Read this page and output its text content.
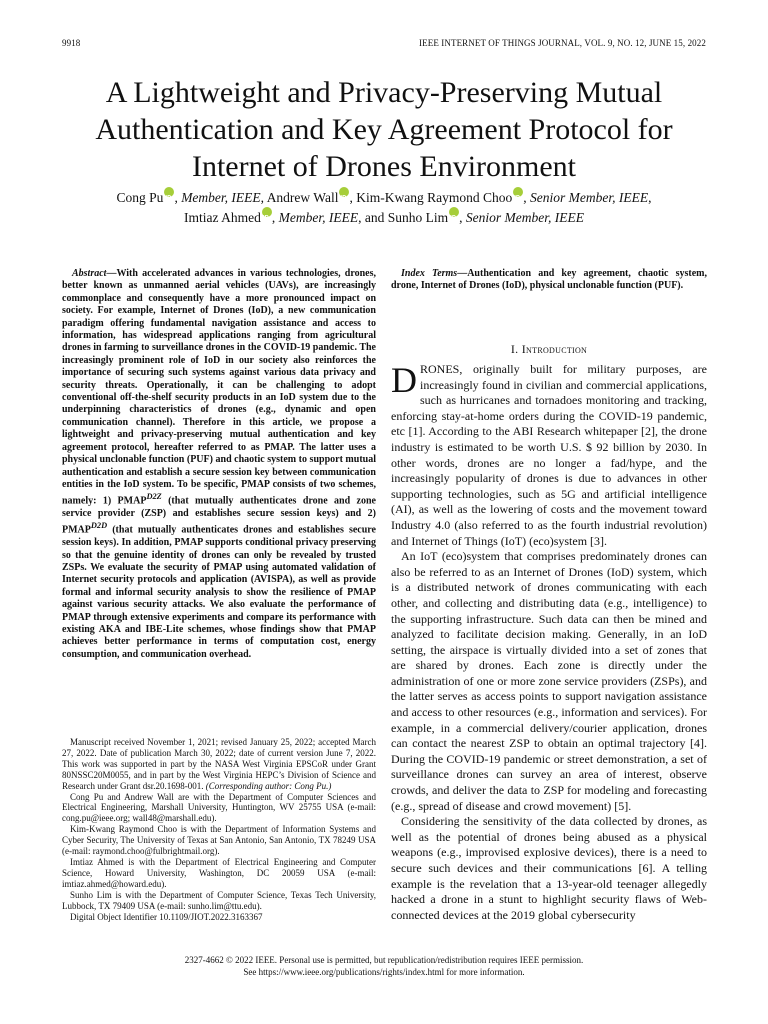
9918	IEEE INTERNET OF THINGS JOURNAL, VOL. 9, NO. 12, JUNE 15, 2022
A Lightweight and Privacy-Preserving Mutual Authentication and Key Agreement Protocol for Internet of Drones Environment
Cong Pu iD , Member, IEEE, Andrew Wall iD , Kim-Kwang Raymond Choo iD , Senior Member, IEEE,
Imtiaz Ahmed iD , Member, IEEE, and Sunho Lim iD , Senior Member, IEEE

Abstract—With accelerated advances in various technologies, drones, better known as unmanned aerial vehicles (UAVs), are increasingly commonplace and consequently have a more pronounced impact on society. For example, Internet of Drones (IoD), a new communication paradigm offering fundamental navigation assistance and access to information, has widespread applications ranging from agricultural drones in farming to surveillance drones in the COVID-19 pandemic. The increasingly prominent role of IoD in our society also reinforces the importance of securing such systems against various data privacy and security threats. Operationally, it can be challenging to adopt conventional off-the-shelf security products in an IoD system due to the underpinning characteristics of drones (e.g., dynamic and open communication channel). Therefore in this article, we propose a lightweight and privacy-preserving mutual authentication and key agreement protocol, hereafter referred to as PMAP. The latter uses a physical unclonable function (PUF) and chaotic system to support mutual authentication and establish a secure session key between communication entities in the IoD system. To be specific, PMAP consists of two schemes, namely: 1) $PMAP^{D2Z}$ (that mutually authenticates drone and zone service provider (ZSP) and establishes secure session keys) and 2) $PMAP^{D2D}$ (that mutually authenticates drones and establishes secure session keys). In addition, PMAP supports conditional privacy preserving so that the genuine identity of drones can only be revealed by trusted ZSPs. We evaluate the security of PMAP using automated validation of Internet security protocols and application (AVISPA), as well as provide formal and informal security analysis to show the resilience of PMAP against various security attacks. We also evaluate the performance of PMAP through extensive experiments and compare its performance with existing AKA and IBE-Lite schemes, whose findings show that PMAP achieves better performance in terms of computation cost, energy consumption, and communication overhead.

Manuscript received November 1, 2021; revised January 25, 2022; accepted March 27, 2022. Date of publication March 30, 2022; date of current version June 7, 2022. This work was supported in part by the NASA West Virginia EPSCoR under Grant 80NSSC20M0055, and in part by the West Virginia HEPC’s Division of Science and Research under Grant dsr.20.1698-001. (Corresponding author: Cong Pu.)

Cong Pu and Andrew Wall are with the Department of Computer Sciences and Electrical Engineering, Marshall University, Huntington, WV 25755 USA (e-mail: cong.pu@ieee.org; wall48@marshall.edu).

Kim-Kwang Raymond Choo is with the Department of Information Systems and Cyber Security, The University of Texas at San Antonio, San Antonio, TX 78249 USA (e-mail: raymond.choo@fulbrightmail.org).

Imtiaz Ahmed is with the Department of Electrical Engineering and Computer Science, Howard University, Washington, DC 20059 USA (e-mail: imtiaz.ahmed@howard.edu).

Sunho Lim is with the Department of Computer Science, Texas Tech University, Lubbock, TX 79409 USA (e-mail: sunho.lim@ttu.edu).

Digital Object Identifier 10.1109/JIOT.2022.3163367

Index Terms—Authentication and key agreement, chaotic system, drone, Internet of Drones (IoD), physical unclonable function (PUF).

I. Introduction

DRONES, originally built for military purposes, are increasingly found in civilian and commercial applications, such as hurricanes and tornadoes monitoring and tracking, enforcing stay-at-home orders during the COVID-19 pandemic, etc [1]. According to the ABI Research whitepaper [2], the drone industry is estimated to be worth U.S. $ 92 billion by 2030. In other words, drones are no longer a fad/hype, and the increasingly popularity of drones is due to advances in other supporting technologies, such as 5G and artificial intelligence (AI), as well as the lowering of costs and the movement toward Industry 4.0 (also referred to as the fourth industrial revolution) and Internet of Things (IoT) (eco)system [3].

An IoT (eco)system that comprises predominately drones can also be referred to as an Internet of Drones (IoD) system, which is a distributed network of drones communicating with each other, and collecting and distributing data (e.g., intelligence) to the supporting infrastructure. Such data can then be mined and analyzed to facilitate decision making. Generally, in an IoD setting, the airspace is virtually divided into a set of zones that are shared by drones. Each zone is directly under the administration of one or more zone service providers (ZSPs), and the latter serves as access points to support navigation assistance and access to other resources (e.g., information and services). For example, in a commercial delivery/courier application, drones can contact the nearest ZSP to obtain an optimal trajectory [4]. During the COVID-19 pandemic or street demonstration, a set of surveillance drones can survey an area of interest, observe crowds, and deliver the data to ZSP for modeling and forecasting (e.g., spread of disease and crowd movement) [5].

Considering the sensitivity of the data collected by drones, as well as the potential of drones being abused as a physical weapons (e.g., improvised explosive devices), there is a need to secure such devices and their communications [6]. A telling example is the revelation that a 13-year-old teenager allegedly hacked a drone in a stunt to highlight security flaws of Web-connected devices at the 2019 global cybersecurity

2327-4662 © 2022 IEEE. Personal use is permitted, but republication/redistribution requires IEEE permission.
See https://www.ieee.org/publications/rights/index.html for more information.
